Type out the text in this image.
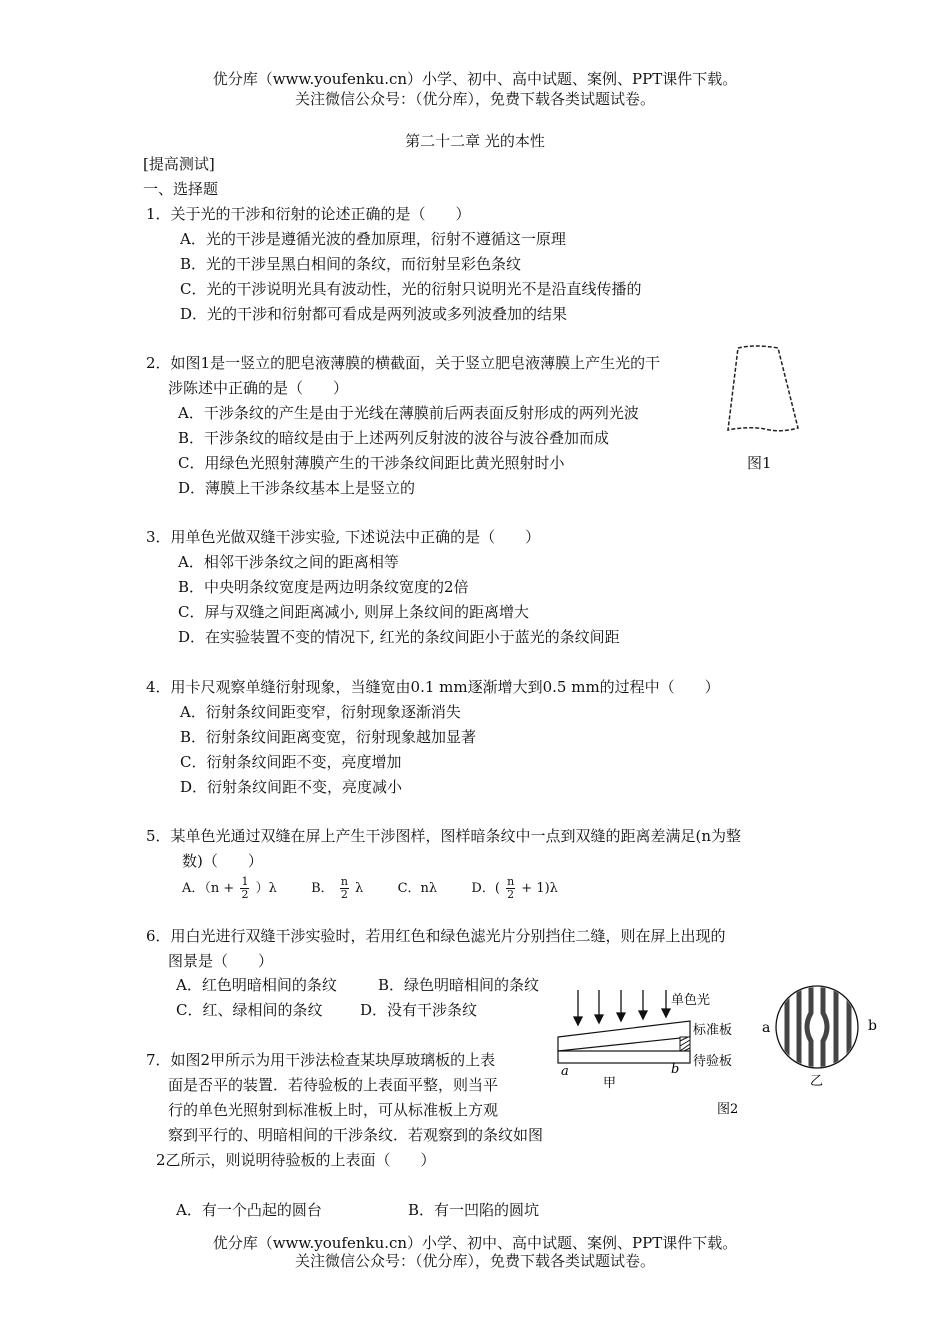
优分库（www.youfenku.cn）小学、初中、高中试题、案例、PPT课件下载。
关注微信公众号：（优分库），免费下载各类试题试卷。
第二十二章 光的本性
[提高测试]
一、选择题
1．关于光的干涉和衍射的论述正确的是（　　）
A．光的干涉是遵循光波的叠加原理，衍射不遵循这一原理
B．光的干涉呈黑白相间的条纹，而衍射呈彩色条纹
C．光的干涉说明光具有波动性，光的衍射只说明光不是沿直线传播的
D．光的干涉和衍射都可看成是两列波或多列波叠加的结果
2．如图1是一竖立的肥皂液薄膜的横截面，关于竖立肥皂液薄膜上产生光的干
涉陈述中正确的是（　　）
A．干涉条纹的产生是由于光线在薄膜前后两表面反射形成的两列光波
B．干涉条纹的暗纹是由于上述两列反射波的波谷与波谷叠加而成
C．用绿色光照射薄膜产生的干涉条纹间距比黄光照射时小
D．薄膜上干涉条纹基本上是竖立的
图1
3．用单色光做双缝干涉实验, 下述说法中正确的是（　　）
A．相邻干涉条纹之间的距离相等
B．中央明条纹宽度是两边明条纹宽度的2倍
C．屏与双缝之间距离减小, 则屏上条纹间的距离增大
D．在实验装置不变的情况下, 红光的条纹间距小于蓝光的条纹间距
4．用卡尺观察单缝衍射现象，当缝宽由0.1 mm逐渐增大到0.5 mm的过程中（　　）
A．衍射条纹间距变窄，衍射现象逐渐消失
B．衍射条纹间距离变宽，衍射现象越加显著
C．衍射条纹间距不变，亮度增加
D．衍射条纹间距不变，亮度减小
5．某单色光通过双缝在屏上产生干涉图样，图样暗条纹中一点到双缝的距离差满足(n为整
数)（　　）
A．$(n + \frac{1}{2} )\lambda$	B． $\frac{n}{2}$ λ	C．nλ	D．( $\frac{n}{2} + 1)\lambda$
6．用白光进行双缝干涉实验时，若用红色和绿色滤光片分别挡住二缝，则在屏上出现的
图景是（　　）
A．红色明暗相间的条纹	B．绿色明暗相间的条纹
C．红、绿相间的条纹	D．没有干涉条纹
a	b
甲
单色光
标准板
待验板
a	b
乙
图2
7．如图2甲所示为用干涉法检查某块厚玻璃板的上表
面是否平的装置．若待验板的上表面平整，则当平
行的单色光照射到标准板上时，可从标准板上方观
察到平行的、明暗相间的干涉条纹．若观察到的条纹如图
2乙所示，则说明待验板的上表面（　　）
A．有一个凸起的圆台	B．有一凹陷的圆坑
优分库（www.youfenku.cn）小学、初中、高中试题、案例、PPT课件下载。
关注微信公众号：（优分库），免费下载各类试题试卷。
